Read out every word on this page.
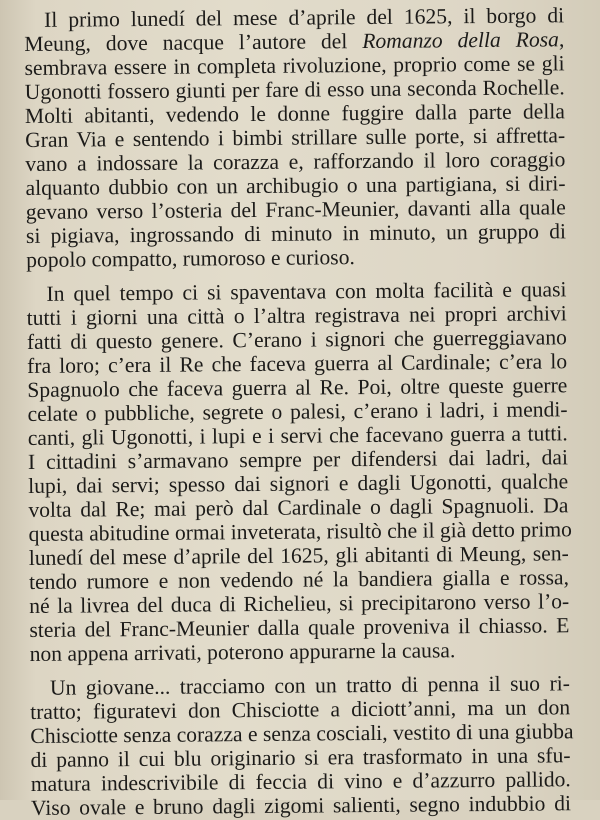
Il primo lunedí del mese d’aprile del 1625, il borgo di
Meung, dove nacque l’autore del Romanzo della Rosa,
sembrava essere in completa rivoluzione, proprio come se gli
Ugonotti fossero giunti per fare di esso una seconda Rochelle.
Molti abitanti, vedendo le donne fuggire dalla parte della
Gran Via e sentendo i bimbi strillare sulle porte, si affretta-
vano a indossare la corazza e, rafforzando il loro coraggio
alquanto dubbio con un archibugio o una partigiana, si diri-
gevano verso l’osteria del Franc-Meunier, davanti alla quale
si pigiava, ingrossando di minuto in minuto, un gruppo di
popolo compatto, rumoroso e curioso.
In quel tempo ci si spaventava con molta facilità e quasi
tutti i giorni una città o l’altra registrava nei propri archivi
fatti di questo genere. C’erano i signori che guerreggiavano
fra loro; c’era il Re che faceva guerra al Cardinale; c’era lo
Spagnuolo che faceva guerra al Re. Poi, oltre queste guerre
celate o pubbliche, segrete o palesi, c’erano i ladri, i mendi-
canti, gli Ugonotti, i lupi e i servi che facevano guerra a tutti.
I cittadini s’armavano sempre per difendersi dai ladri, dai
lupi, dai servi; spesso dai signori e dagli Ugonotti, qualche
volta dal Re; mai però dal Cardinale o dagli Spagnuoli. Da
questa abitudine ormai inveterata, risultò che il già detto primo
lunedí del mese d’aprile del 1625, gli abitanti di Meung, sen-
tendo rumore e non vedendo né la bandiera gialla e rossa,
né la livrea del duca di Richelieu, si precipitarono verso l’o-
steria del Franc-Meunier dalla quale proveniva il chiasso. E
non appena arrivati, poterono appurarne la causa.
Un giovane... tracciamo con un tratto di penna il suo ri-
tratto; figuratevi don Chisciotte a diciott’anni, ma un don
Chisciotte senza corazza e senza cosciali, vestito di una giubba
di panno il cui blu originario si era trasformato in una sfu-
matura indescrivibile di feccia di vino e d’azzurro pallido.
Viso ovale e bruno dagli zigomi salienti, segno indubbio di
